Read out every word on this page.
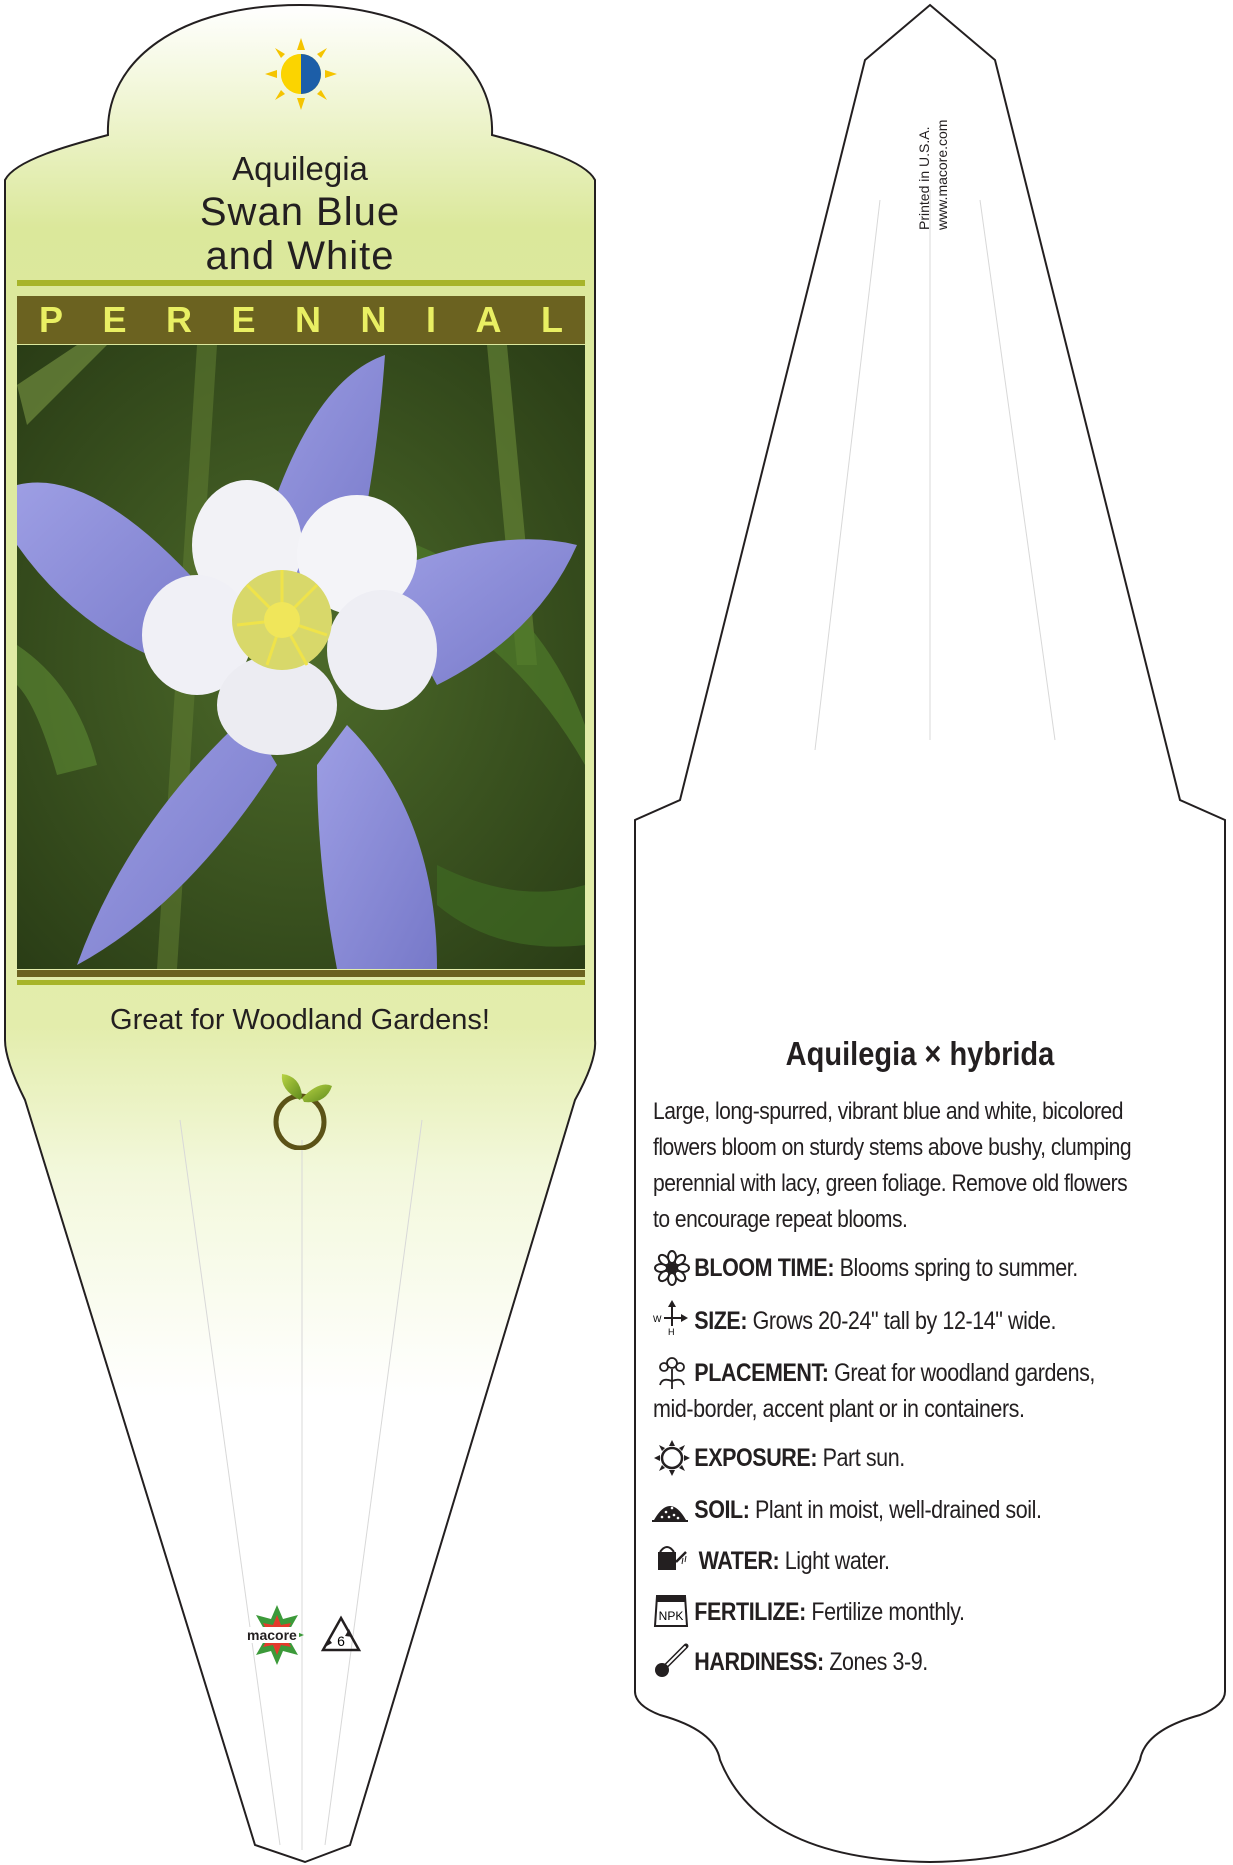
Aquilegia
Swan Blue
and White
P E R E N N I A L
Great for Woodland Gardens!
macore	6
Printed in U.S.A. www.macore.com
Aquilegia × hybrida
Large, long-spurred, vibrant blue and white, bicolored flowers bloom on sturdy stems above bushy, clumping perennial with lacy, green foliage. Remove old flowers to encourage repeat blooms.
BLOOM TIME: Blooms spring to summer.
W
H SIZE: Grows 20-24" tall by 12-14" wide.
PLACEMENT: Great for woodland gardens,
mid-border, accent plant or in containers.
EXPOSURE: Part sun.
SOIL: Plant in moist, well-drained soil.
WATER: Light water.
NPK FERTILIZE: Fertilize monthly.
HARDINESS: Zones 3-9.
